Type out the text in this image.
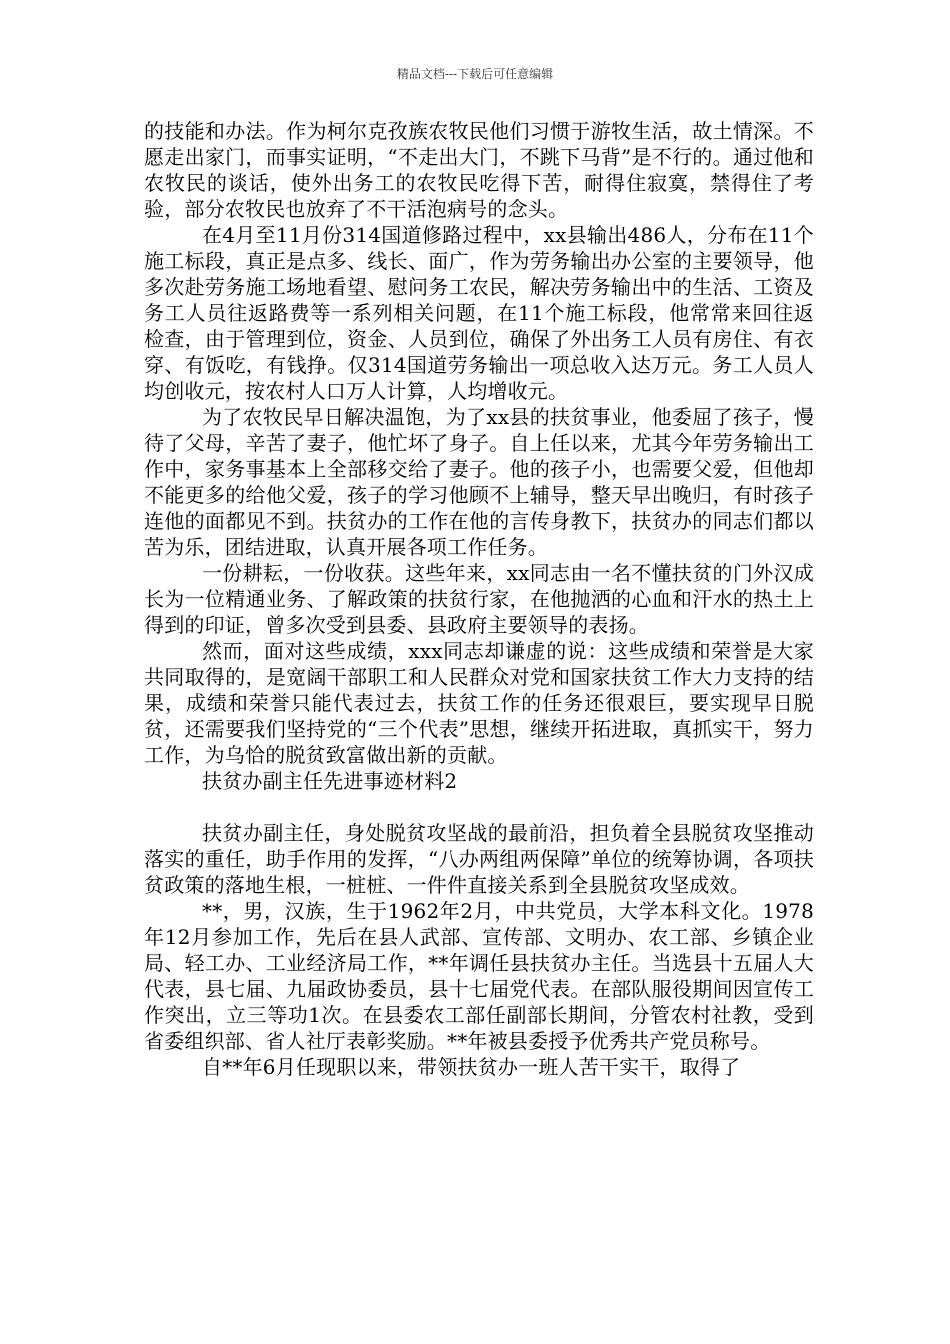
精品文档---下载后可任意编辑

的技能和办法。作为柯尔克孜族农牧民他们习惯于游牧生活，故土情深。不愿走出家门，而事实证明，“不走出大门，不跳下马背”是不行的。通过他和农牧民的谈话，使外出务工的农牧民吃得下苦，耐得住寂寞，禁得住了考验，部分农牧民也放弃了不干活泡病号的念头。

在4月至11月份314国道修路过程中，xx县输出486人，分布在11个施工标段，真正是点多、线长、面广，作为劳务输出办公室的主要领导，他多次赴劳务施工场地看望、慰问务工农民，解决劳务输出中的生活、工资及务工人员往返路费等一系列相关问题，在11个施工标段，他常常来回往返检查，由于管理到位，资金、人员到位，确保了外出务工人员有房住、有衣穿、有饭吃，有钱挣。仅314国道劳务输出一项总收入达万元。务工人员人均创收元，按农村人口万人计算，人均增收元。

为了农牧民早日解决温饱，为了xx县的扶贫事业，他委屈了孩子，慢待了父母，辛苦了妻子，他忙坏了身子。自上任以来，尤其今年劳务输出工作中，家务事基本上全部移交给了妻子。他的孩子小，也需要父爱，但他却不能更多的给他父爱，孩子的学习他顾不上辅导，整天早出晚归，有时孩子连他的面都见不到。扶贫办的工作在他的言传身教下，扶贫办的同志们都以苦为乐，团结进取，认真开展各项工作任务。

一份耕耘，一份收获。这些年来，xx同志由一名不懂扶贫的门外汉成长为一位精通业务、了解政策的扶贫行家，在他抛洒的心血和汗水的热土上得到的印证，曾多次受到县委、县政府主要领导的表扬。

然而，面对这些成绩，xxx同志却谦虚的说：这些成绩和荣誉是大家共同取得的，是宽阔干部职工和人民群众对党和国家扶贫工作大力支持的结果，成绩和荣誉只能代表过去，扶贫工作的任务还很艰巨，要实现早日脱贫，还需要我们坚持党的“三个代表”思想，继续开拓进取，真抓实干，努力工作，为乌恰的脱贫致富做出新的贡献。

扶贫办副主任先进事迹材料2

扶贫办副主任，身处脱贫攻坚战的最前沿，担负着全县脱贫攻坚推动落实的重任，助手作用的发挥，“八办两组两保障”单位的统筹协调，各项扶贫政策的落地生根，一桩桩、一件件直接关系到全县脱贫攻坚成效。

**，男，汉族，生于1962年2月，中共党员，大学本科文化。1978年12月参加工作，先后在县人武部、宣传部、文明办、农工部、乡镇企业局、轻工办、工业经济局工作，**年调任县扶贫办主任。当选县十五届人大代表，县七届、九届政协委员，县十七届党代表。在部队服役期间因宣传工作突出，立三等功1次。在县委农工部任副部长期间，分管农村社教，受到省委组织部、省人社厅表彰奖励。**年被县委授予优秀共产党员称号。

自**年6月任现职以来，带领扶贫办一班人苦干实干，取得了
